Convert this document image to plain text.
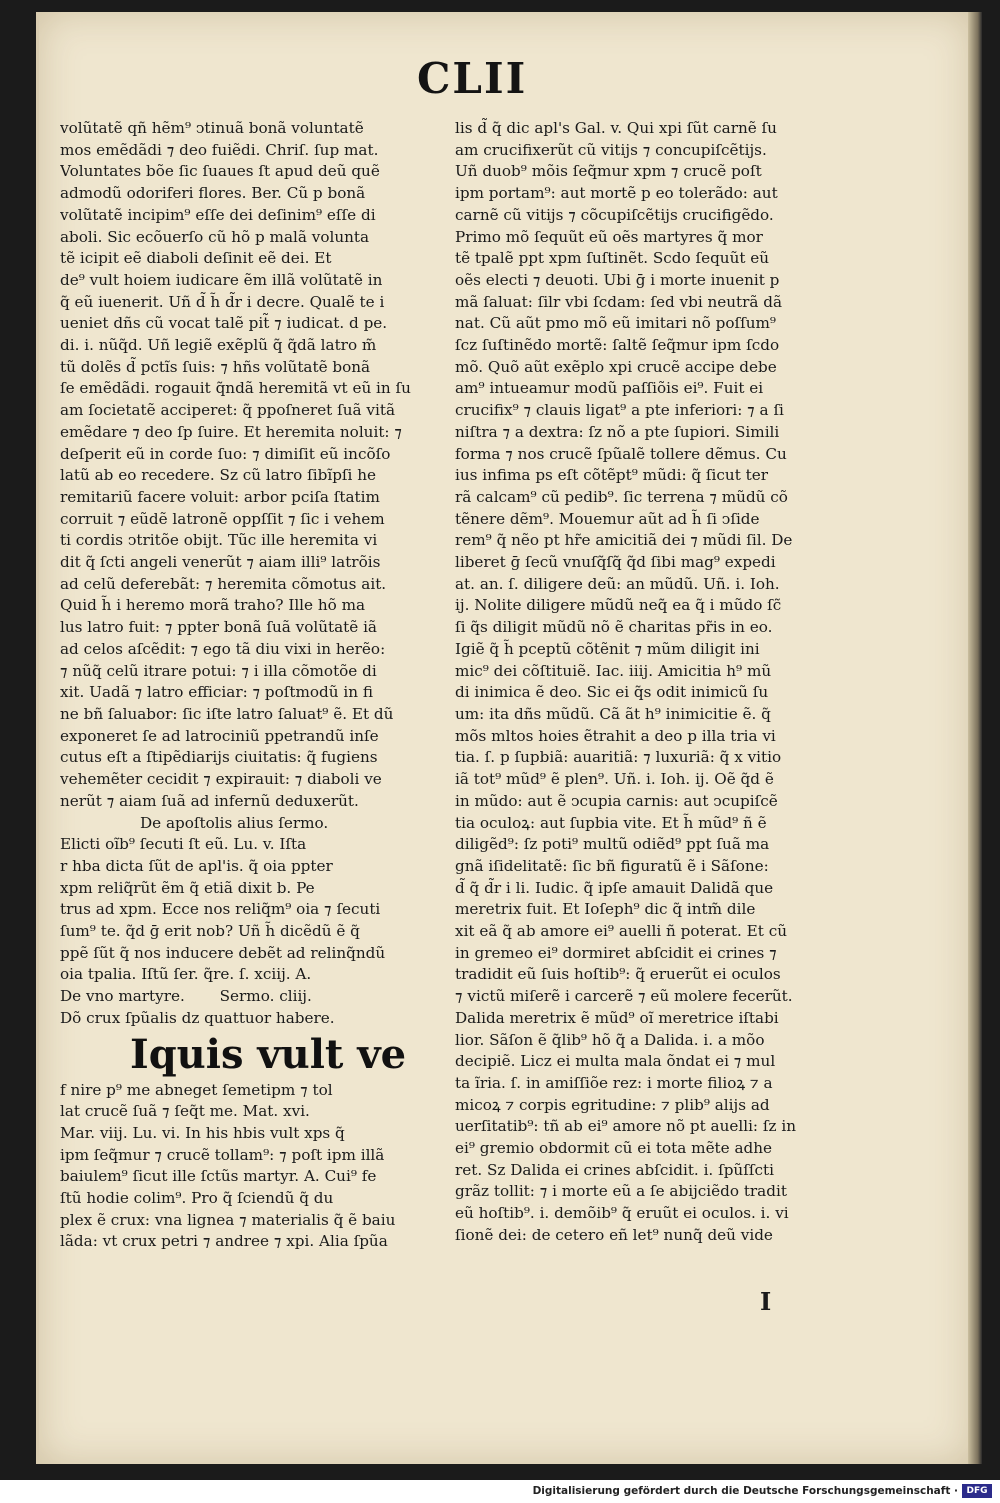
CLII
volũtatẽ qñ hẽm⁹ ↄtinuã bonã voluntatẽ
mos emẽdãdi ⁊ deo fuiẽdi. Chriſ. ſup mat.
Voluntates bõe ſic ſuaues ſt apud deũ quẽ
admodũ odoriferi flores. Ber. Cũ p bonã
volũtatẽ incipim⁹ eſſe dei deſinim⁹ eſſe di
aboli. Sic ecõuerſo cũ hõ p malã volunta
tẽ icipit eẽ diaboli deſinit eẽ dei. Et
de⁹ vult hoiem iudicare ẽm illã volũtatẽ in
q̃ eũ iuenerit. Uñ d̃ h̃ d̃r i decre. Qualẽ te i
ueniet dñs cũ vocat talẽ pit̃ ⁊ iudicat. d pe.
di. i. nũq̃d. Uñ legiẽ exẽplũ q̃ q̃dã latro m̃
tũ dolẽs d̃ pctĩs ſuis: ⁊ hñs volũtatẽ bonã
ſe emẽdãdi. rogauit q̃ndã heremitã vt eũ in ſu
am ſocietatẽ acciperet: q̃ ppoſneret ſuã vitã
emẽdare ⁊ deo ſp ſuire. Et heremita noluit: ⁊
deſperit eũ in corde ſuo: ⁊ dimiſit eũ incõſo
latũ ab eo recedere. Sz cũ latro ſibĩpſi he
remitariũ facere voluit: arbor pciſa ſtatim
corruit ⁊ eũdẽ latronẽ oppſſit ⁊ ſic i vehem
ti cordis ↄtritõe obijt. Tũc ille heremita vi
dit q̃ ſcti angeli venerũt ⁊ aiam illi⁹ latrõis
ad celũ deferebãt: ⁊ heremita cõmotus ait.
Quid h̃ i heremo morã traho? Ille hõ ma
lus latro fuit: ⁊ ppter bonã ſuã volũtatẽ iã
ad celos aſcẽdit: ⁊ ego tã diu vixi in herẽo:
⁊ nũq̃ celũ itrare potui: ⁊ i illa cõmotõe di
xit. Uadã ⁊ latro efficiar: ⁊ poſtmodũ in fi
ne bñ ſaluabor: ſic iſte latro ſaluat⁹ ẽ. Et dũ
exponeret ſe ad latrociniũ ppetrandũ inſe
cutus eſt a ſtipẽdiarijs ciuitatis: q̃ fugiens
vehemẽter cecidit ⁊ expirauit: ⁊ diaboli ve
nerũt ⁊ aiam ſuã ad infernũ deduxerũt.
De apoſtolis alius ſermo.
Elicti oĩb⁹ ſecuti ſt eũ. Lu. v. Iſta
r hba dicta ſũt de apl'is. q̃ oia ppter
xpm reliq̃rũt ẽm q̃ etiã dixit b. Pe
trus ad xpm. Ecce nos reliq̃m⁹ oia ⁊ ſecuti
ſum⁹ te. q̃d ḡ erit nob? Uñ h̃ dicẽdũ ẽ q̃
ppẽ ſũt q̃ nos inducere debẽt ad relinq̃ndũ
oia tpalia. Iſtũ ſer. q̃re. ſ. xciij. A.
De vno martyre. Sermo. cliij.
Dõ crux ſpũalis dz quattuor habere.
Iquis vult ve
f nire p⁹ me abneget ſemetipm ⁊ tol
lat crucẽ ſuã ⁊ ſeq̃t me. Mat. xvi.
Mar. viij. Lu. vi. In his hbis vult xps q̃
ipm ſeq̃mur ⁊ crucẽ tollam⁹: ⁊ poſt ipm illã
baiulem⁹ ſicut ille ſctũs martyr. A. Cui⁹ fe
ſtũ hodie colim⁹. Pro q̃ ſciendũ q̃ du
plex ẽ crux: vna lignea ⁊ materialis q̃ ẽ baiu
lãda: vt crux petri ⁊ andree ⁊ xpi. Alia ſpũa
lis d̃ q̃ dic apl's Gal. v. Qui xpi ſũt carnẽ ſu
am crucifixerũt cũ vitijs ⁊ concupiſcẽtijs.
Uñ duob⁹ mõis ſeq̃mur xpm ⁊ crucẽ poſt
ipm portam⁹: aut mortẽ p eo tolerãdo: aut
carnẽ cũ vitijs ⁊ cõcupiſcẽtijs crucifigẽdo.
Primo mõ ſequũt eũ oẽs martyres q̃ mor
tẽ tpalẽ ppt xpm ſuſtinẽt. Scdo ſequũt eũ
oẽs electi ⁊ deuoti. Ubi ḡ i morte inuenit p
mã ſaluat: ſilr vbi ſcdam: ſed vbi neutrã dã
nat. Cũ aũt pmo mõ eũ imitari nõ poſſum⁹
ſcz ſuſtinẽdo mortẽ: ſaltẽ ſeq̃mur ipm ſcdo
mõ. Quõ aũt exẽplo xpi crucẽ accipe debe
am⁹ intueamur modũ paſſiõis ei⁹. Fuit ei
crucifix⁹ ⁊ clauis ligat⁹ a pte inferiori: ⁊ a ſi
niſtra ⁊ a dextra: ſz nõ a pte ſupiori. Simili
forma ⁊ nos crucẽ ſpũalẽ tollere dẽmus. Cu
ius infima ps eſt cõtẽpt⁹ mũdi: q̃ ſicut ter
rã calcam⁹ cũ pedib⁹. ſic terrena ⁊ mũdũ cõ
tẽnere dẽm⁹. Mouemur aũt ad h̃ ſi ↄſide
rem⁹ q̃ nẽo pt hr̃e amicitiã dei ⁊ mũdi ſil. De
liberet ḡ ſecũ vnuſq̃ſq̃ q̃d ſibi mag⁹ expedi
at. an. ſ. diligere deũ: an mũdũ. Uñ. i. Ioh.
ij. Nolite diligere mũdũ neq̃ ea q̃ i mũdo ſc̃
ſi q̃s diligit mũdũ nõ ẽ charitas pr̃is in eo.
Igiẽ q̃ h̃ pceptũ cõtẽnit ⁊ mũm diligit ini
mic⁹ dei cõſtituiẽ. Iac. iiij. Amicitia h⁹ mũ
di inimica ẽ deo. Sic ei q̃s odit inimicũ ſu
um: ita dñs mũdũ. Cã ãt h⁹ inimicitie ẽ. q̃
mõs mltos hoies ẽtrahit a deo p illa tria vi
tia. ſ. p ſupbiã: auaritiã: ⁊ luxuriã: q̃ x vitio
iã tot⁹ mũd⁹ ẽ plen⁹. Uñ. i. Ioh. ij. Oẽ q̃d ẽ
in mũdo: aut ẽ ↄcupia carnis: aut ↄcupiſcẽ
tia oculoꝝ: aut ſupbia vite. Et h̃ mũd⁹ ñ ẽ
diligẽd⁹: ſz poti⁹ multũ odiẽd⁹ ppt ſuã ma
gnã iſidelitatẽ: ſic bñ figuratũ ẽ i Sãſone:
d̃ q̃ d̃r i li. Iudic. q̃ ipſe amauit Dalidã que
meretrix fuit. Et Ioſeph⁹ dic q̃ intm̃ dile
xit eã q̃ ab amore ei⁹ auelli ñ poterat. Et cũ
in gremeo ei⁹ dormiret abſcidit ei crines ⁊
tradidit eũ ſuis hoſtib⁹: q̃ eruerũt ei oculos
⁊ victũ miſerẽ i carcerẽ ⁊ eũ molere fecerũt.
Dalida meretrix ẽ mũd⁹ oĩ meretrice iſtabi
lior. Sãſon ẽ q̃lib⁹ hõ q̃ a Dalida. i. a mõo
decipiẽ. Licz ei multa mala õndat ei ⁊ mul
ta ĩria. ſ. in amiſſiõe rez: i morte filioꝝ ⁊ a
micoꝝ ⁊ corpis egritudine: ⁊ plib⁹ alijs ad
uerſitatib⁹: tñ ab ei⁹ amore nõ pt auelli: ſz in
ei⁹ gremio obdormit cũ ei tota mẽte adhe
ret. Sz Dalida ei crines abſcidit. i. ſpũſſcti
grãz tollit: ⁊ i morte eũ a ſe abijciẽdo tradit
eũ hoſtib⁹. i. demõib⁹ q̃ eruũt ei oculos. i. vi
ſionẽ dei: de cetero eñ let⁹ nunq̃ deũ vide
I
Digitalisierung gefördert durch die Deutsche Forschungsgemeinschaft · DFG
